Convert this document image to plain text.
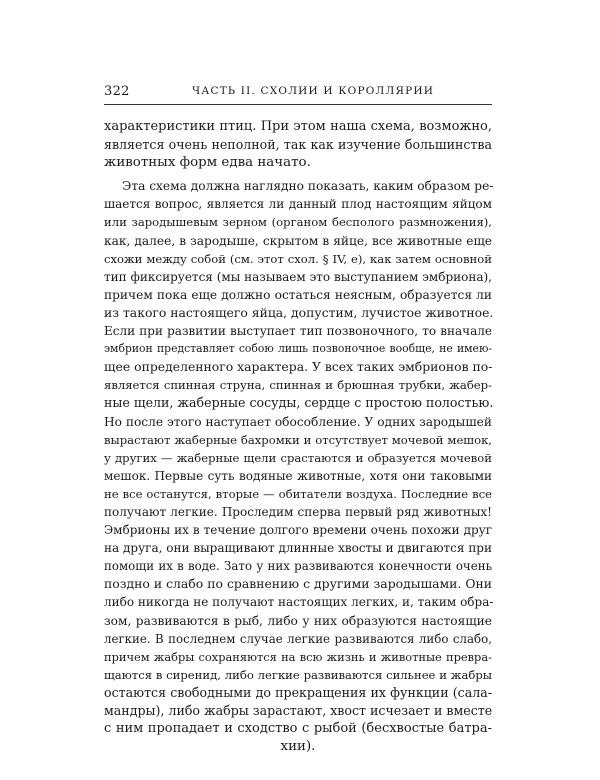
322	ЧАСТЬ II. СХОЛИИ И КОРОЛЛЯРИИ
характеристики птиц. При этом наша схема, возможно,
является очень неполной, так как изучение большинства
животных форм едва начато.
Эта схема должна наглядно показать, каким образом ре-
шается вопрос, является ли данный плод настоящим яйцом
или зародышевым зерном (органом бесполого размножения),
как, далее, в зародыше, скрытом в яйце, все животные еще
схожи между собой (см. этот схол. § IV, е), как затем основной
тип фиксируется (мы называем это выступанием эмбриона),
причем пока еще должно остаться неясным, образуется ли
из такого настоящего яйца, допустим, лучистое животное.
Если при развитии выступает тип позвоночного, то вначале
эмбрион представляет собою лишь позвоночное вообще, не имею-
щее определенного характера. У всех таких эмбрионов по-
является спинная струна, спинная и брюшная трубки, жабер-
ные щели, жаберные сосуды, сердце с простою полостью.
Но после этого наступает обособление. У одних зародышей
вырастают жаберные бахромки и отсутствует мочевой мешок,
у других — жаберные щели срастаются и образуется мочевой
мешок. Первые суть водяные животные, хотя они таковыми
не все останутся, вторые — обитатели воздуха. Последние все
получают легкие. Проследим сперва первый ряд животных!
Эмбрионы их в течение долгого времени очень похожи друг
на друга, они выращивают длинные хвосты и двигаются при
помощи их в воде. Зато у них развиваются конечности очень
поздно и слабо по сравнению с другими зародышами. Они
либо никогда не получают настоящих легких, и, таким обра-
зом, развиваются в рыб, либо у них образуются настоящие
легкие. В последнем случае легкие развиваются либо слабо,
причем жабры сохраняются на всю жизнь и животные превра-
щаются в сиренид, либо легкие развиваются сильнее и жабры
остаются свободными до прекращения их функции (сала-
мандры), либо жабры зарастают, хвост исчезает и вместе
с ним пропадает и сходство с рыбой (бесхвостые батра-
хии).
